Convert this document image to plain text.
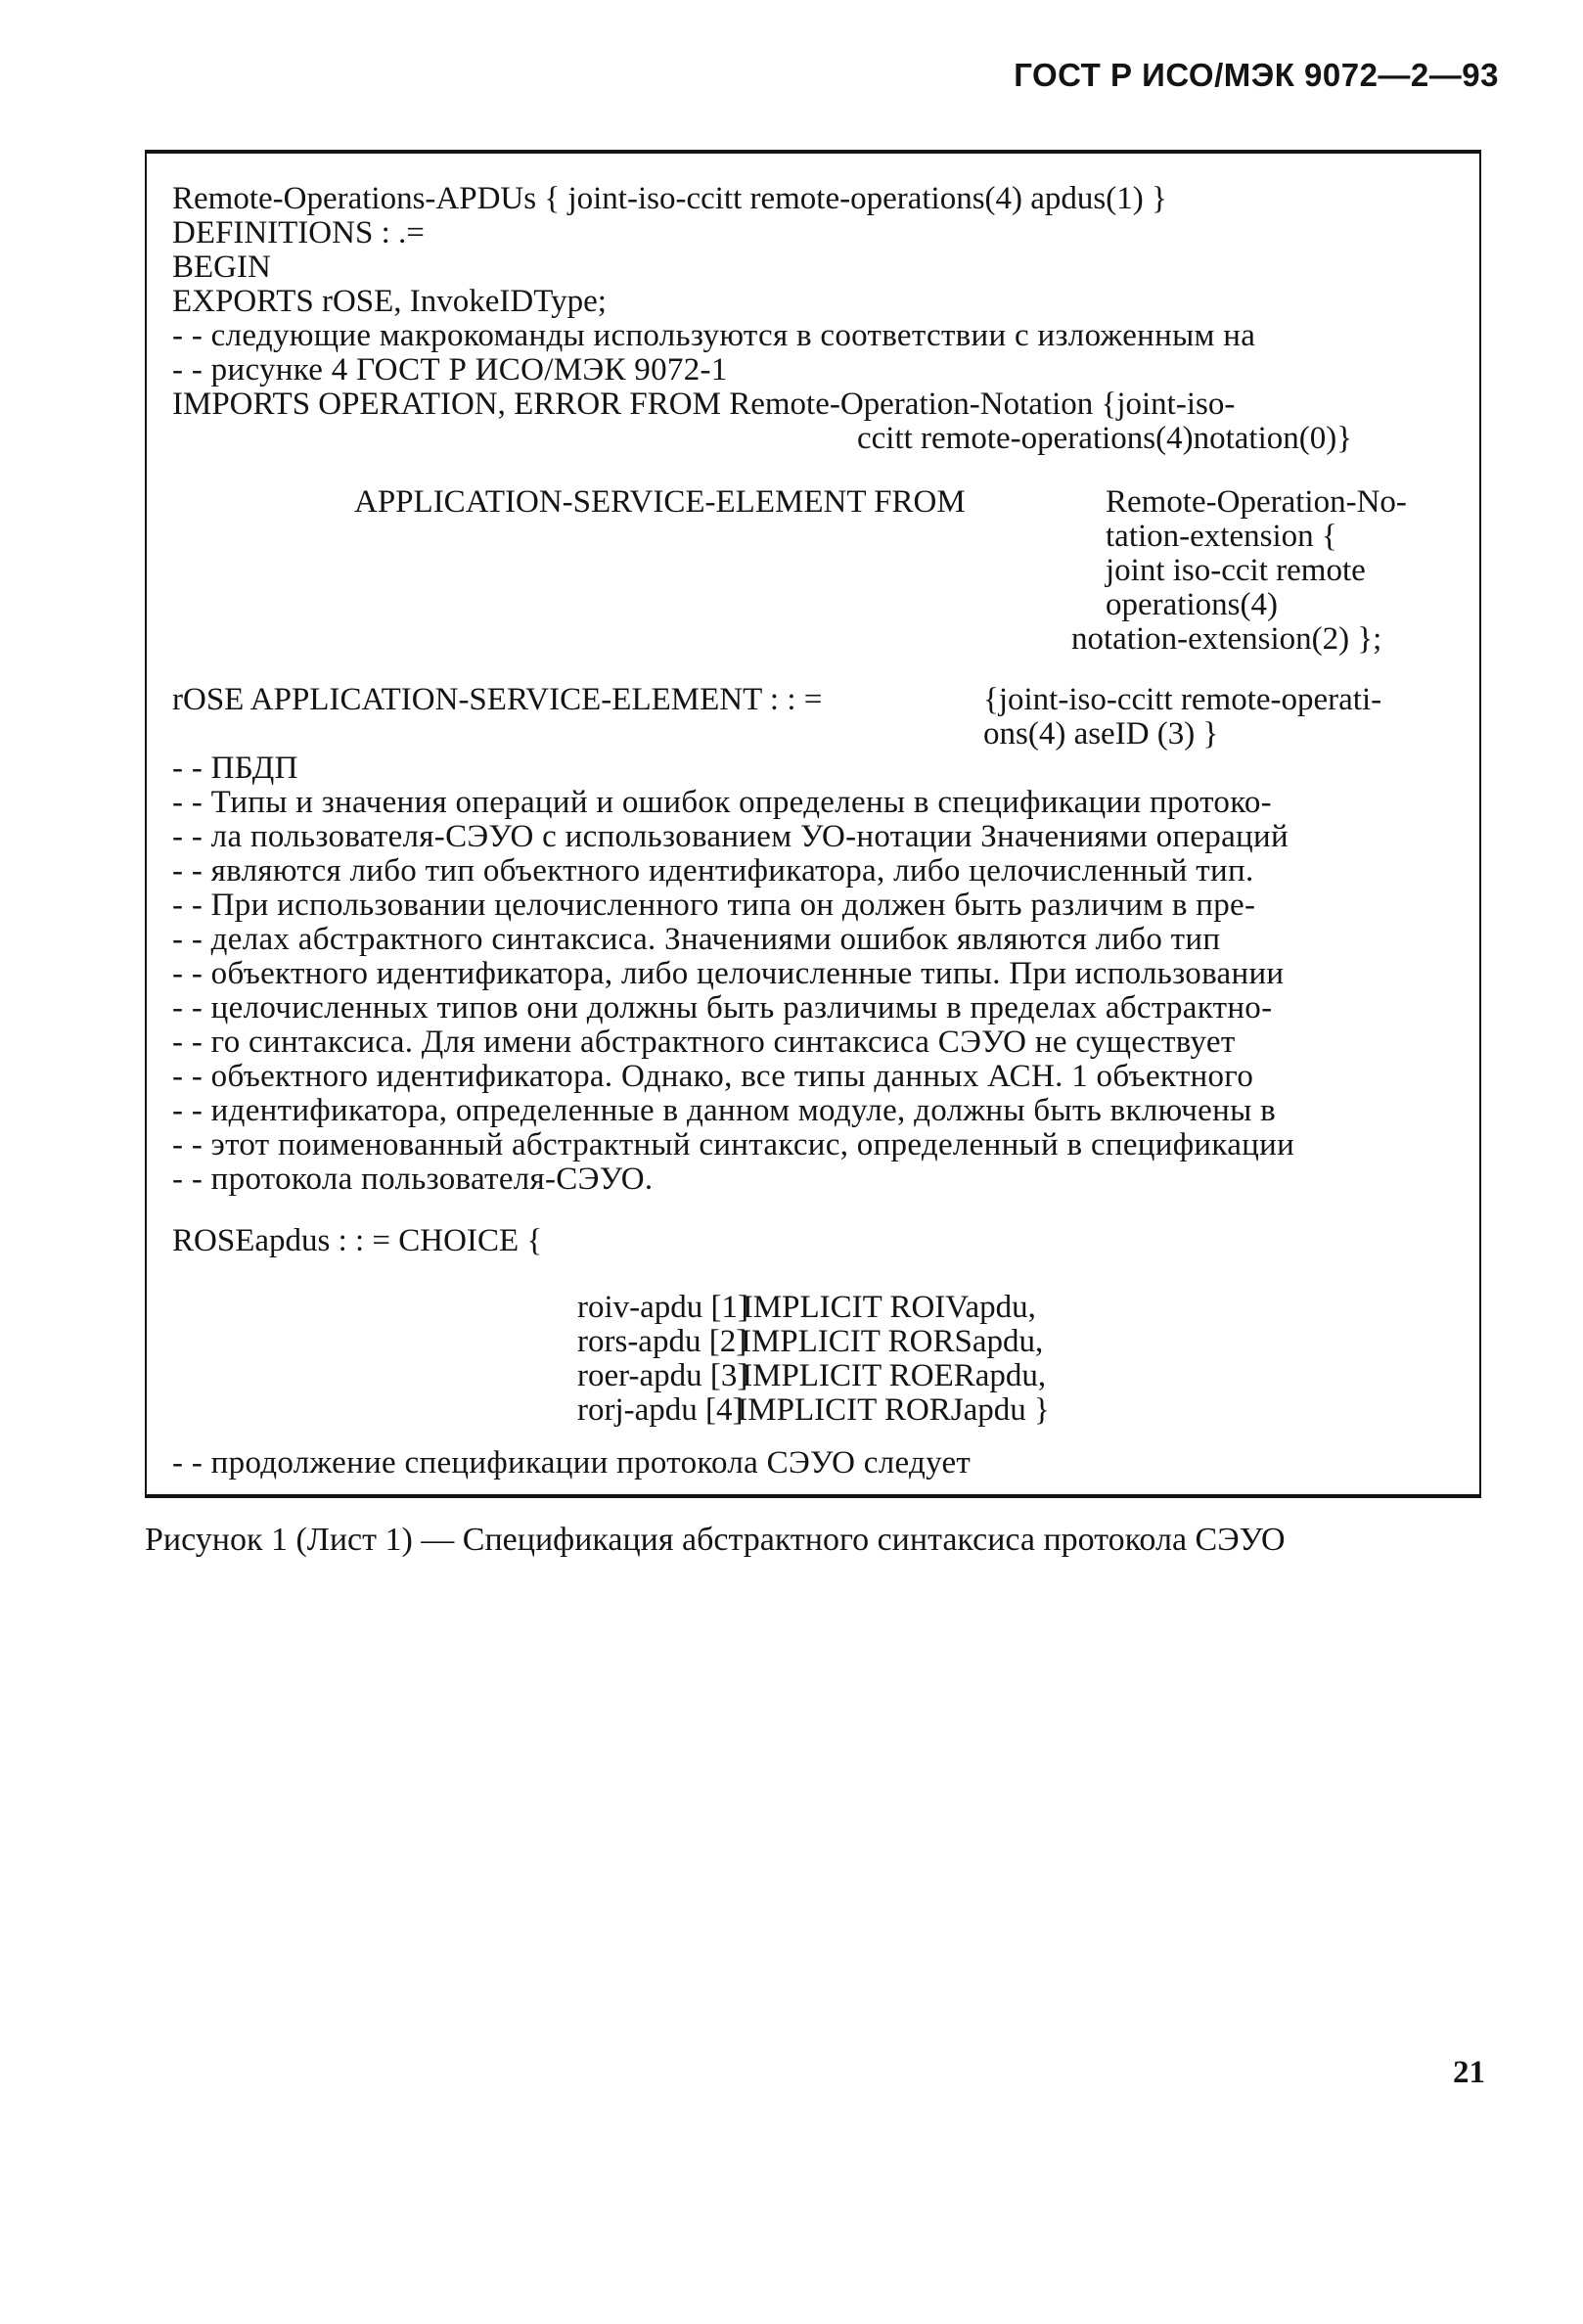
ГОСТ Р ИСО/МЭК 9072—2—93
Remote-Operations-APDUs { joint-iso-ccitt remote-operations(4) apdus(1) }
DEFINITIONS : .=
BEGIN
EXPORTS rOSE, InvokeIDType;
- - следующие макрокоманды используются в соответствии с изложенным на
- - рисунке 4 ГОСТ Р ИСО/МЭК 9072-1
IMPORTS OPERATION, ERROR FROM Remote-Operation-Notation {joint-iso-
ccitt remote-operations(4)notation(0)}
APPLICATION-SERVICE-ELEMENT FROM	Remote-Operation-No-
tation-extension {
joint iso-ccit remote
operations(4)
notation-extension(2) };
rOSE APPLICATION-SERVICE-ELEMENT : : =	{joint-iso-ccitt remote-operati-
ons(4) aseID (3) }
- - ПБДП
- - Типы и значения операций и ошибок определены в спецификации протоко-
- - ла пользователя-СЭУО с использованием УО-нотации Значениями операций
- - являются либо тип объектного идентификатора, либо целочисленный тип.
- - При использовании целочисленного типа он должен быть различим в пре-
- - делах абстрактного синтаксиса. Значениями ошибок являются либо тип
- - объектного идентификатора, либо целочисленные типы. При использовании
- - целочисленных типов они должны быть различимы в пределах абстрактно-
- - го синтаксиса. Для имени абстрактного синтаксиса СЭУО не существует
- - объектного идентификатора. Однако, все типы данных АСН. 1 объектного
- - идентификатора, определенные в данном модуле, должны быть включены в
- - этот поименованный абстрактный синтаксис, определенный в спецификации
- - протокола пользователя-СЭУО.
ROSEapdus : : = CHOICE {
roiv-apdu [1] IMPLICIT ROIVapdu,
rors-apdu [2] IMPLICIT RORSapdu,
roer-apdu [3] IMPLICIT ROERapdu,
rorj-apdu [4] IMPLICIT RORJapdu }
- - продолжение спецификации протокола СЭУО следует
Рисунок 1 (Лист 1) — Спецификация абстрактного синтаксиса протокола СЭУО
21
